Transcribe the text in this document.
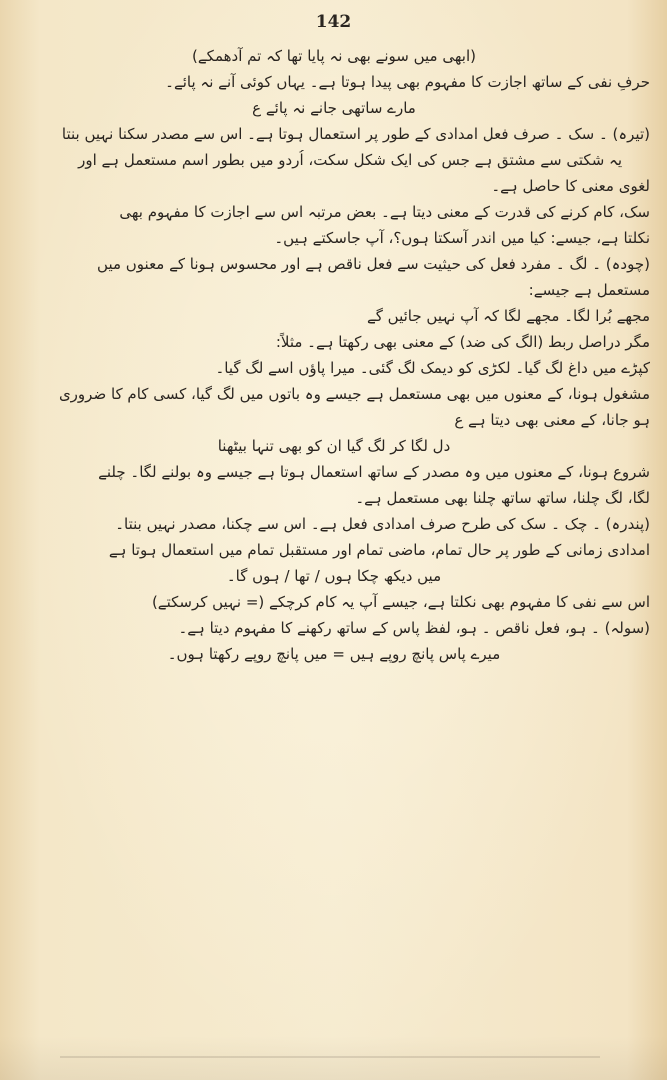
142
(ابھی میں سونے بھی نہ پایا تھا کہ تم آدھمکے)
حرفِ نفی کے ساتھ اجازت کا مفہوم بھی پیدا ہوتا ہے۔ یہاں کوئی آنے نہ پائے۔
مارے ساتھی جانے نہ پائے ع
(تیرہ) ۔ سک ۔ صرف فعل امدادی کے طور پر استعمال ہوتا ہے۔ اس سے مصدر سکنا نہیں بنتا
یہ شکتی سے مشتق ہے جس کی ایک شکل سکت، اُردو میں بطور اسم مستعمل ہے اور
لغوی معنی کا حاصل ہے۔
سک، کام کرنے کی قدرت کے معنی دیتا ہے۔ بعض مرتبہ اس سے اجازت کا مفہوم بھی
نکلتا ہے، جیسے: کیا میں اندر آسکتا ہوں؟، آپ جاسکتے ہیں۔
(چودہ) ۔ لگ ۔ مفرد فعل کی حیثیت سے فعل ناقص ہے اور محسوس ہونا کے معنوں میں
مستعمل ہے جیسے:
مجھے بُرا لگا۔ مجھے لگا کہ آپ نہیں جائیں گے
مگر دراصل ربط (الگ کی ضد) کے معنی بھی رکھتا ہے۔ مثلاً:
کپڑے میں داغ لگ گیا۔ لکڑی کو دیمک لگ گئی۔ میرا پاؤں اسے لگ گیا۔
مشغول ہونا، کے معنوں میں بھی مستعمل ہے جیسے وہ باتوں میں لگ گیا، کسی کام کا ضروری
ہو جانا، کے معنی بھی دیتا ہے ع
دل لگا کر لگ گیا ان کو بھی تنہا بیٹھنا
شروع ہونا، کے معنوں میں وہ مصدر کے ساتھ استعمال ہوتا ہے جیسے وہ بولنے لگا۔ چلنے
لگا، لگ چلنا، ساتھ ساتھ چلنا بھی مستعمل ہے۔
(پندرہ) ۔ چک ۔ سک کی طرح صرف امدادی فعل ہے۔ اس سے چکنا، مصدر نہیں بنتا۔
امدادی زمانی کے طور پر حال تمام، ماضی تمام اور مستقبل تمام میں استعمال ہوتا ہے
میں دیکھ چکا ہوں / تھا / ہوں گا۔
اس سے نفی کا مفہوم بھی نکلتا ہے، جیسے آپ یہ کام کرچکے (= نہیں کرسکتے)
(سولہ) ۔ ہو، فعل ناقص ۔ ہو، لفظ پاس کے ساتھ رکھنے کا مفہوم دیتا ہے۔
میرے پاس پانچ روپے ہیں = میں پانچ روپے رکھتا ہوں۔
